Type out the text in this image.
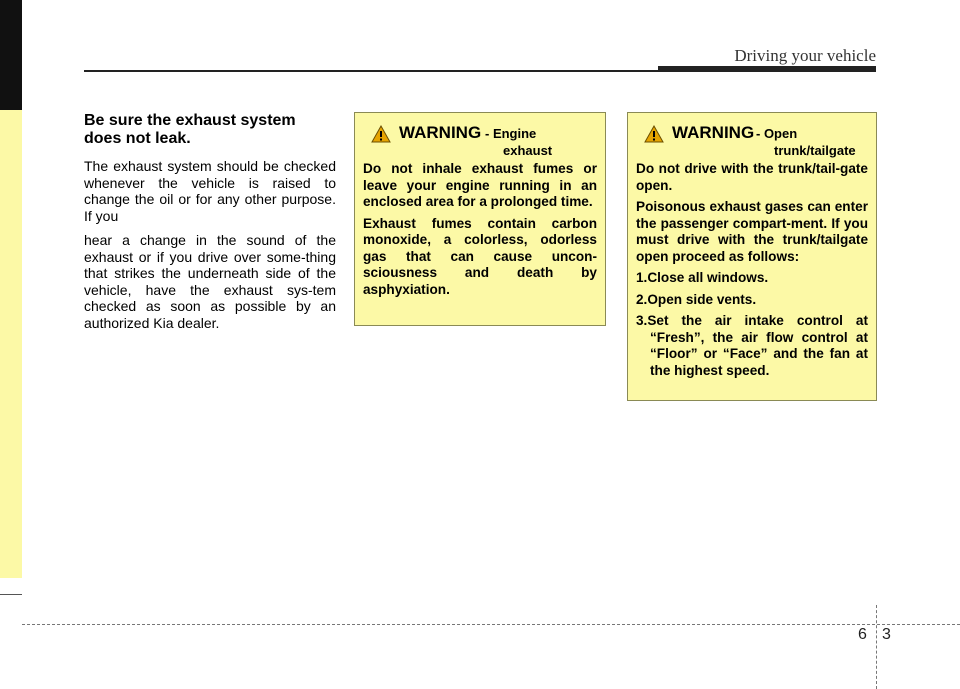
Driving your vehicle
Be sure the exhaust system
does not leak.

The exhaust system should be checked whenever the vehicle is raised to change the oil or for any other purpose. If you

hear a change in the sound of the exhaust or if you drive over some-thing that strikes the underneath side of the vehicle, have the exhaust sys-tem checked as soon as possible by an authorized Kia dealer.

WARNING - Engine
exhaust

Do not inhale exhaust fumes or leave your engine running in an enclosed area for a prolonged time.

Exhaust fumes contain carbon monoxide, a colorless, odorless gas that can cause uncon-sciousness and death by asphyxiation.

WARNING - Open
trunk/tailgate

Do not drive with the trunk/tail-gate open.

Poisonous exhaust gases can enter the passenger compart-ment. If you must drive with the trunk/tailgate open proceed as follows:

1.Close all windows.

2.Open side vents.

3.Set the air intake control at “Fresh”, the air flow control at “Floor” or “Face” and the fan at the highest speed.

6 3
